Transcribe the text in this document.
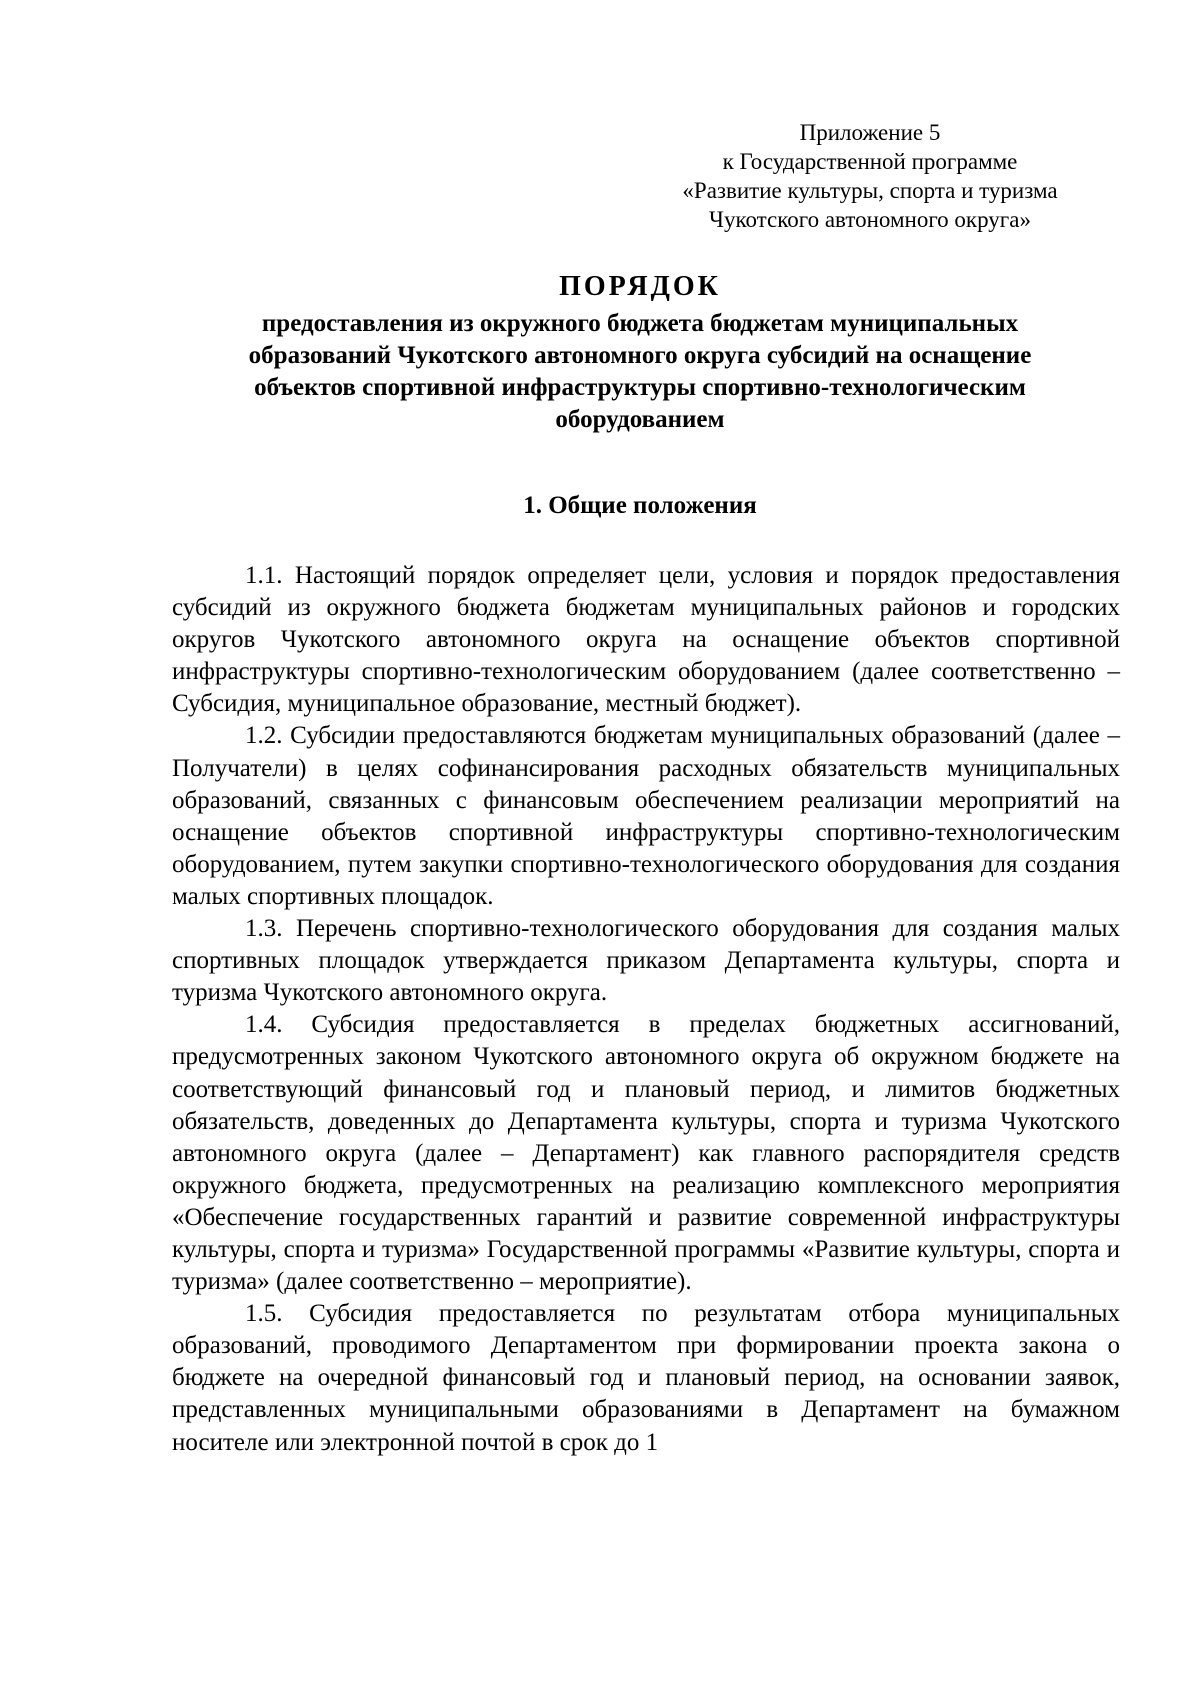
Приложение 5
к Государственной программе
«Развитие культуры, спорта и туризма
Чукотского автономного округа»
ПОРЯДОК
предоставления из окружного бюджета бюджетам муниципальных
образований Чукотского автономного округа субсидий на оснащение
объектов спортивной инфраструктуры спортивно-технологическим
оборудованием
1. Общие положения

1.1. Настоящий порядок определяет цели, условия и порядок предоставления субсидий из окружного бюджета бюджетам муниципальных районов и городских округов Чукотского автономного округа на оснащение объектов спортивной инфраструктуры спортивно-технологическим оборудованием (далее соответственно – Субсидия, муниципальное образование, местный бюджет).

1.2. Субсидии предоставляются бюджетам муниципальных образований (далее – Получатели) в целях софинансирования расходных обязательств муниципальных образований, связанных с финансовым обеспечением реализации мероприятий на оснащение объектов спортивной инфраструктуры спортивно-технологическим оборудованием, путем закупки спортивно-технологического оборудования для создания малых спортивных площадок.

1.3. Перечень спортивно-технологического оборудования для создания малых спортивных площадок утверждается приказом Департамента культуры, спорта и туризма Чукотского автономного округа.

1.4. Субсидия предоставляется в пределах бюджетных ассигнований, предусмотренных законом Чукотского автономного округа об окружном бюджете на соответствующий финансовый год и плановый период, и лимитов бюджетных обязательств, доведенных до Департамента культуры, спорта и туризма Чукотского автономного округа (далее – Департамент) как главного распорядителя средств окружного бюджета, предусмотренных на реализацию комплексного мероприятия «Обеспечение государственных гарантий и развитие современной инфраструктуры культуры, спорта и туризма» Государственной программы «Развитие культуры, спорта и туризма» (далее соответственно – мероприятие).

1.5. Субсидия предоставляется по результатам отбора муниципальных образований, проводимого Департаментом при формировании проекта закона о бюджете на очередной финансовый год и плановый период, на основании заявок, представленных муниципальными образованиями в Департамент на бумажном носителе или электронной почтой в срок до 1
